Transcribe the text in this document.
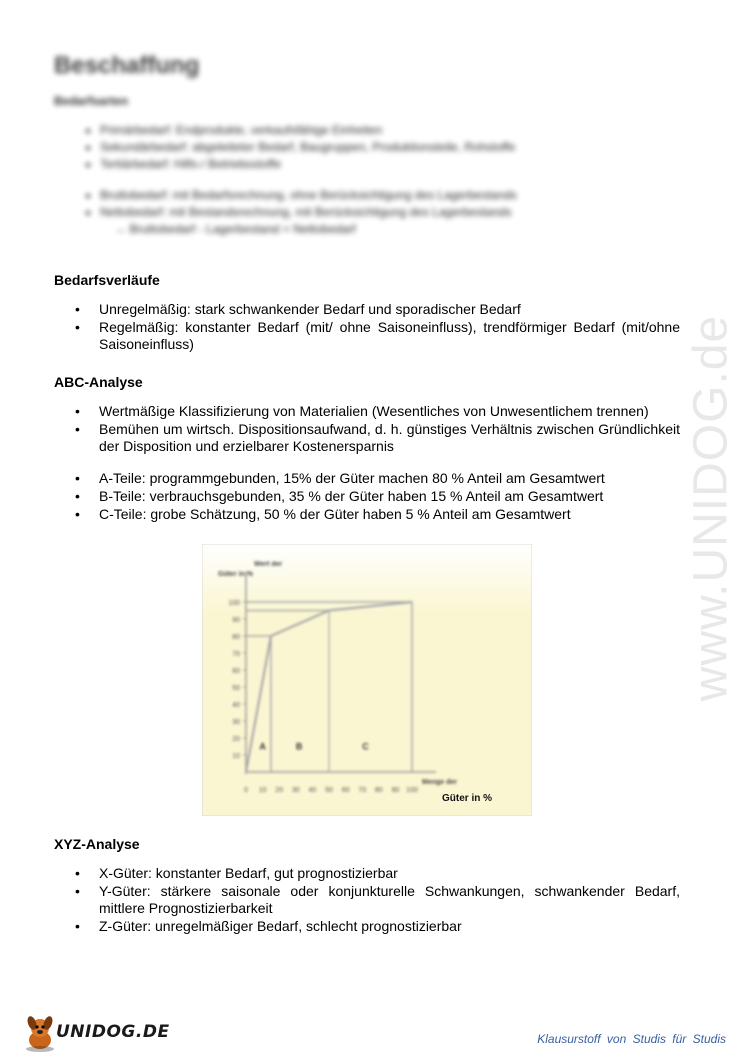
Beschaffung
Bedarfsarten
• Primärbedarf: Endprodukte, verkaufsfähige Einheiten
• Sekundärbedarf: abgeleiteter Bedarf, Baugruppen, Produktionsteile, Rohstoffe
• Tertiärbedarf: Hilfs-/ Betriebsstoffe
• Bruttobedarf: mit Bedarfsrechnung, ohne Berücksichtigung des Lagerbestands
• Nettobedarf: mit Bestandsrechnung, mit Berücksichtigung des Lagerbestands
→ Bruttobedarf - Lagerbestand = Nettobedarf
Bedarfsverläufe
• Unregelmäßig: stark schwankender Bedarf und sporadischer Bedarf
• Regelmäßig: konstanter Bedarf (mit/ ohne Saisoneinfluss), trendförmiger Bedarf (mit/ohne Saisoneinfluss)
ABC-Analyse
• Wertmäßige Klassifizierung von Materialien (Wesentliches von Unwesentlichem trennen)
• Bemühen um wirtsch. Dispositionsaufwand, d. h. günstiges Verhältnis zwischen Gründlichkeit der Disposition und erzielbarer Kostenersparnis
• A-Teile: programmgebunden, 15% der Güter machen 80 % Anteil am Gesamtwert
• B-Teile: verbrauchsgebunden, 35 % der Güter haben 15 % Anteil am Gesamtwert
• C-Teile: grobe Schätzung, 50 % der Güter haben 5 % Anteil am Gesamtwert
10
20
30
40
50
60
70
80
90
100
0 10 20 30 40 50 60 70 80 90 100
Wert der
Güter in %
Menge der
A	B	C
Güter in %
XYZ-Analyse
• X-Güter: konstanter Bedarf, gut prognostizierbar
• Y-Güter: stärkere saisonale oder konjunkturelle Schwankungen, schwankender Bedarf, mittlere Prognostizierbarkeit
• Z-Güter: unregelmäßiger Bedarf, schlecht prognostizierbar
www.UNIDOG.de
UNIDOG.DE	Klausurstoff von Studis für Studis
